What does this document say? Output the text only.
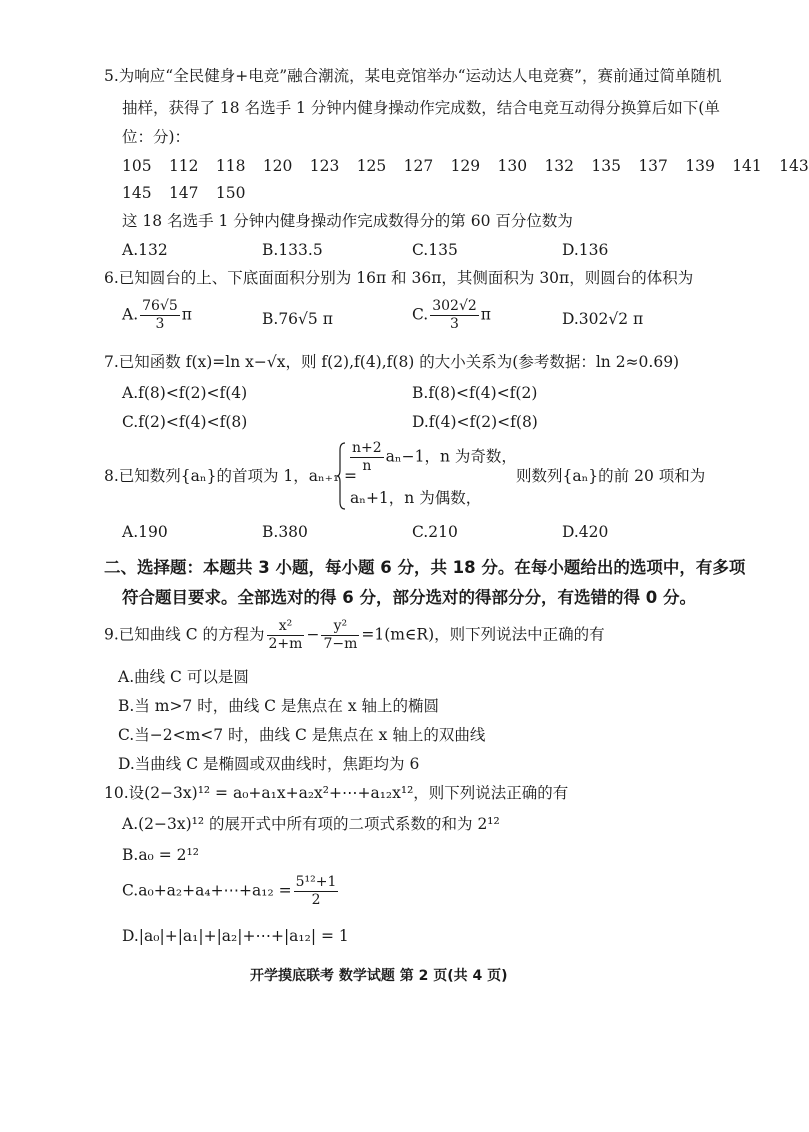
5.为响应“全民健身+电竞”融合潮流，某电竞馆举办“运动达人电竞赛”，赛前通过简单随机
抽样，获得了 18 名选手 1 分钟内健身操动作完成数，结合电竞互动得分换算后如下(单
位：分)：
105 112 118 120 123 125 127 129 130 132 135 137 139 141 143
145 147 150
这 18 名选手 1 分钟内健身操动作完成数得分的第 60 百分位数为
A.132	B.133.5	C.135	D.136
6.已知圆台的上、下底面面积分别为 16π 和 36π，其侧面积为 30π，则圆台的体积为
A. $\frac{76√5}{3}$ π	B.76√5 π	C. $\frac{302√2}{3}$ π	D.302√2 π
7.已知函数 f(x)=ln x−√x，则 f(2),f(4),f(8) 的大小关系为(参考数据：ln 2≈0.69)
A.f(8)<f(2)<f(4)	B.f(8)<f(4)<f(2)
C.f(2)<f(4)<f(8)	D.f(4)<f(2)<f(8)
8.已知数列{aₙ}的首项为 1，aₙ₊₁ =
$\frac{n+2}{n} a_n-1$，n 为奇数，
aₙ+1，n 为偶数，
则数列{aₙ}的前 20 项和为
A.190	B.380	C.210	D.420
二、选择题：本题共 3 小题，每小题 6 分，共 18 分。在每小题给出的选项中，有多项
符合题目要求。全部选对的得 6 分，部分选对的得部分分，有选错的得 0 分。
9.已知曲线 C 的方程为 $\frac{\text{x²}}{2+m} - \frac{\text{y²}}{7-m}$ =1(m∈R)，则下列说法中正确的有
A.曲线 C 可以是圆
B.当 m>7 时，曲线 C 是焦点在 x 轴上的椭圆
C.当−2<m<7 时，曲线 C 是焦点在 x 轴上的双曲线
D.当曲线 C 是椭圆或双曲线时，焦距均为 6
10.设(2−3x)¹² = a₀+a₁x+a₂x²+⋯+a₁₂x¹²，则下列说法正确的有
A.(2−3x)¹² 的展开式中所有项的二项式系数的和为 2¹²
B.a₀ = 2¹²
C.a₀+a₂+a₄+⋯+a₁₂ = $\frac{\text{5¹²+1}}{2}$
D.|a₀|+|a₁|+|a₂|+⋯+|a₁₂| = 1
开学摸底联考 数学试题 第 2 页(共 4 页)
